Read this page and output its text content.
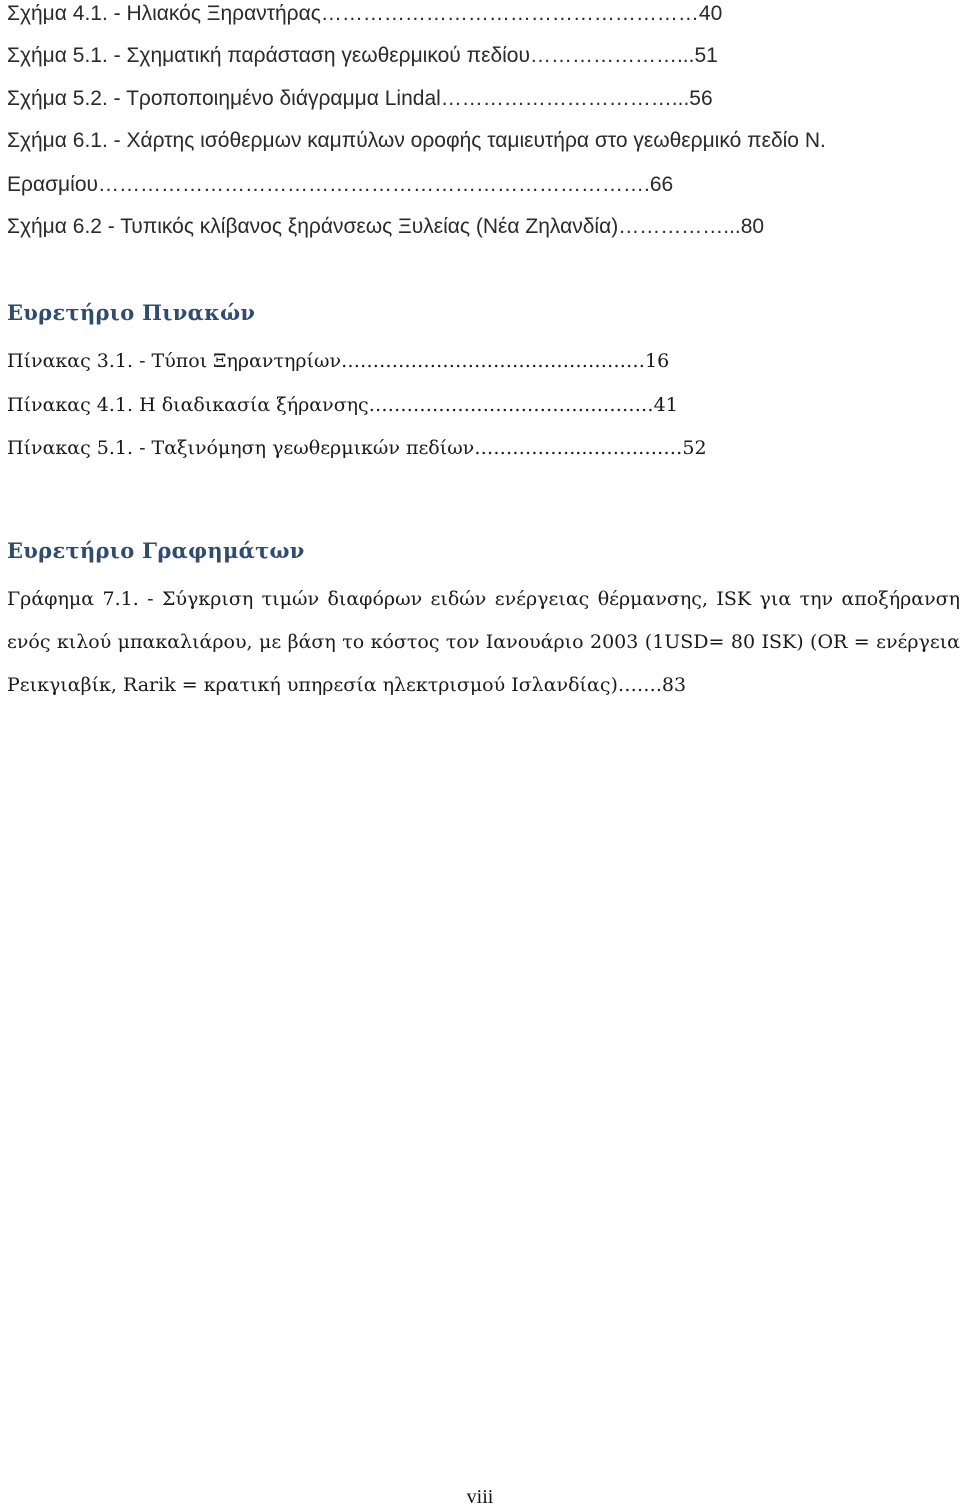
Σχήμα 4.1. - Ηλιακός Ξηραντήρας………………………………………………40
Σχήμα 5.1. - Σχηματική παράσταση γεωθερμικού πεδίου…………………...51
Σχήμα 5.2. - Τροποποιημένο διάγραμμα Lindal……………………………...56
Σχήμα 6.1. - Χάρτης ισόθερμων καμπύλων οροφής ταμιευτήρα στο γεωθερμικό πεδίο Ν.
Ερασμίου…………………………………………………………………….66
Σχήμα 6.2 - Τυπικός κλίβανος ξηράνσεως Ξυλείας (Νέα Ζηλανδία)……………...80
Ευρετήριο Πινακών
Πίνακας 3.1. - Τύποι Ξηραντηρίων…………………………………………16
Πίνακας 4.1. Η διαδικασία ξήρανσης………………………………………41
Πίνακας 5.1. - Ταξινόμηση γεωθερμικών πεδίων……………...……………52
Ευρετήριο Γραφημάτων
Γράφημα 7.1. - Σύγκριση τιμών διαφόρων ειδών ενέργειας θέρμανσης, ISK για την αποξήρανση ενός κιλού μπακαλιάρου, με βάση το κόστος τον Ιανουάριο 2003 (1USD= 80 ISK) (OR = ενέργεια Ρεικγιαβίκ, Rarik = κρατική υπηρεσία ηλεκτρισμού Ισλανδίας)…….83
viii
